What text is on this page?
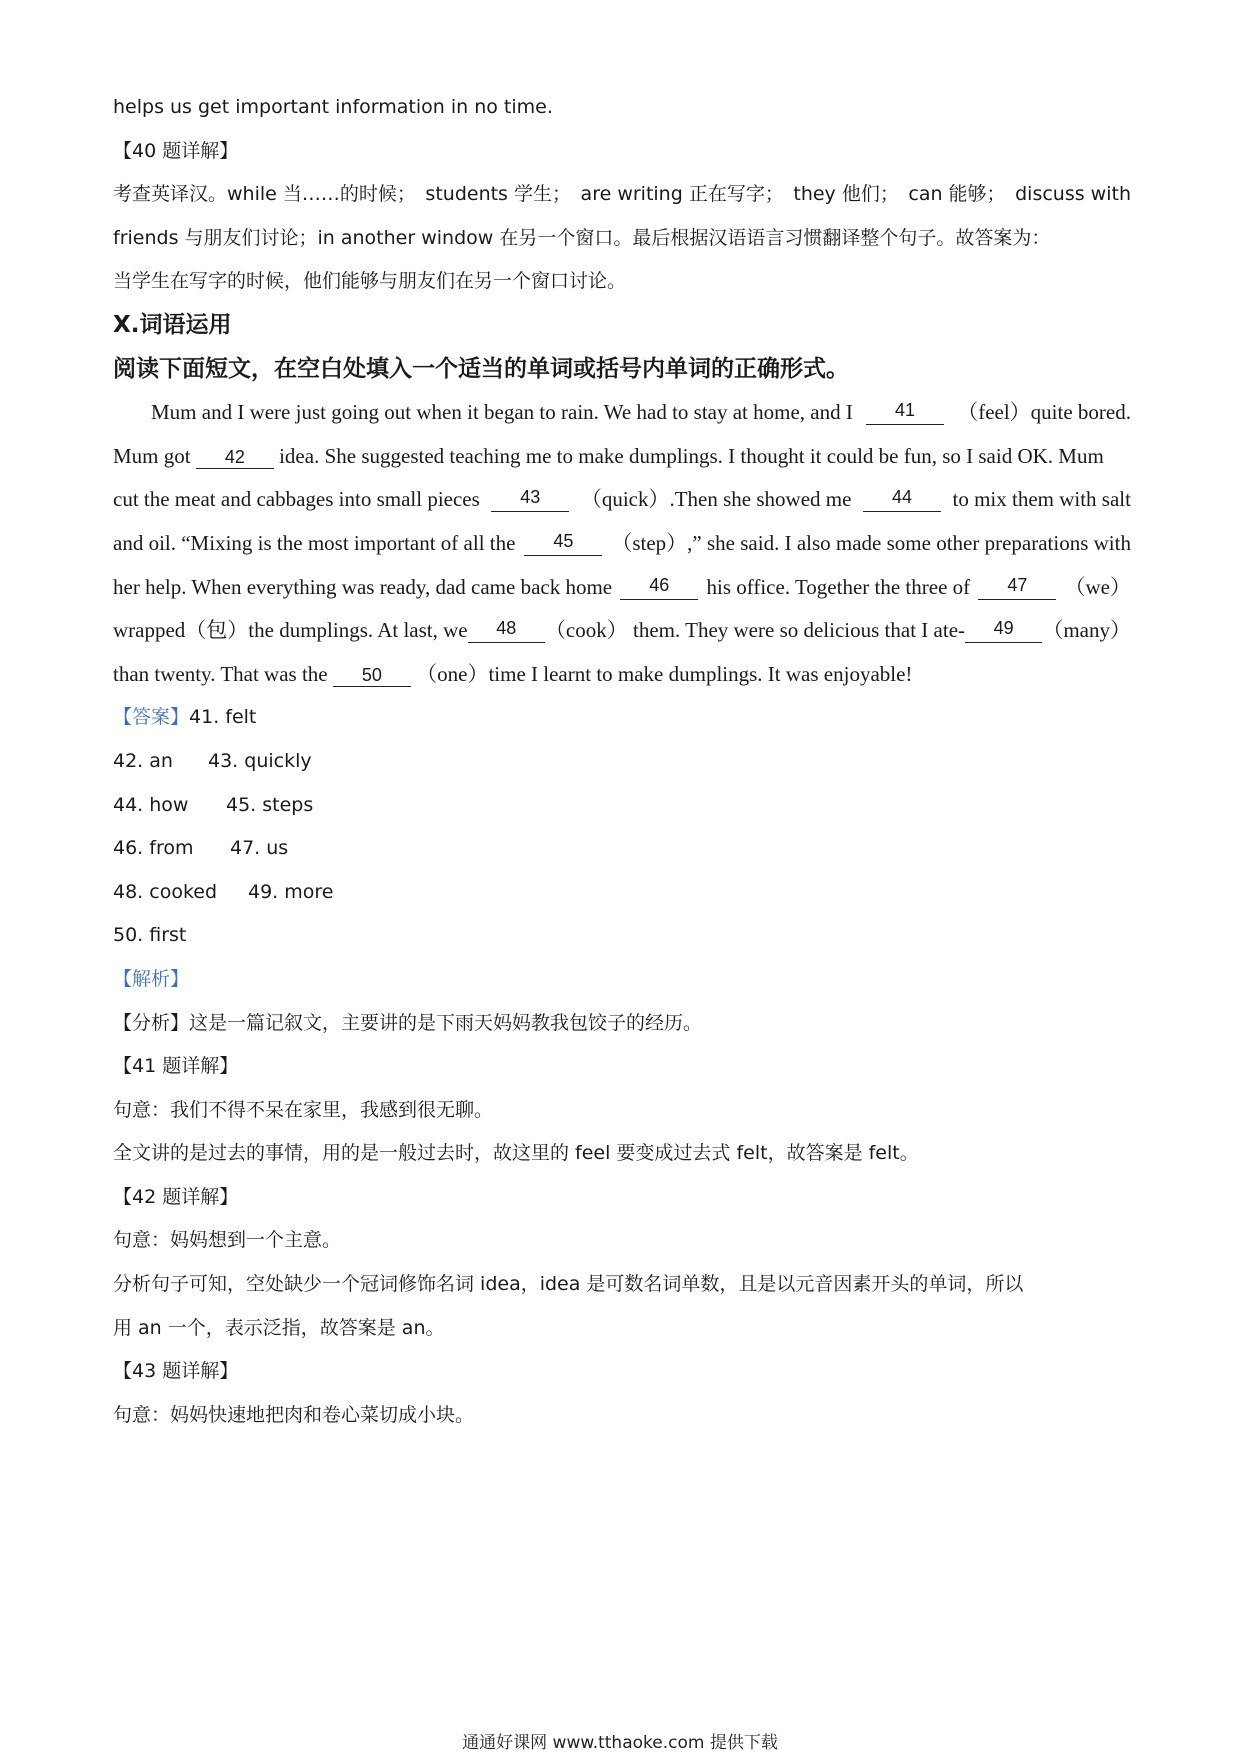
helps us get important information in no time.
【40 题详解】
考查英译汉。while 当……的时候； students 学生； are writing 正在写字； they 他们； can 能够； discuss with
friends 与朋友们讨论；in another window 在另一个窗口。最后根据汉语语言习惯翻译整个句子。故答案为：
当学生在写字的时候，他们能够与朋友们在另一个窗口讨论。
X.词语运用
阅读下面短文，在空白处填入一个适当的单词或括号内单词的正确形式。
Mum and I were just going out when it began to rain. We had to stay at home, and I	41	（feel）quite bored.
Mum got 42 idea. She suggested teaching me to make dumplings. I thought it could be fun, so I said OK. Mum
cut the meat and cabbages into small pieces	43	（quick）.Then she showed me	44	to mix them with salt
and oil. “Mixing is the most important of all the	45	（step）,” she said. I also made some other preparations with
her help. When everything was ready, dad came back home	46	his office. Together the three of	47	（we）
wrapped（包）the dumplings. At last, we	48	（cook） them. They were so delicious that I ate-	49	（many）
than twenty. That was the 50 （one）time I learnt to make dumplings. It was enjoyable!
【答案】41. felt
42. an 43. quickly
44. how 45. steps
46. from 47. us
48. cooked 49. more
50. first
【解析】
【分析】这是一篇记叙文，主要讲的是下雨天妈妈教我包饺子的经历。
【41 题详解】
句意：我们不得不呆在家里，我感到很无聊。
全文讲的是过去的事情，用的是一般过去时，故这里的 feel 要变成过去式 felt，故答案是 felt。
【42 题详解】
句意：妈妈想到一个主意。
分析句子可知，空处缺少一个冠词修饰名词 idea，idea 是可数名词单数，且是以元音因素开头的单词，所以
用 an 一个，表示泛指，故答案是 an。
【43 题详解】
句意：妈妈快速地把肉和卷心菜切成小块。
通通好课网 www.tthaoke.com 提供下载
